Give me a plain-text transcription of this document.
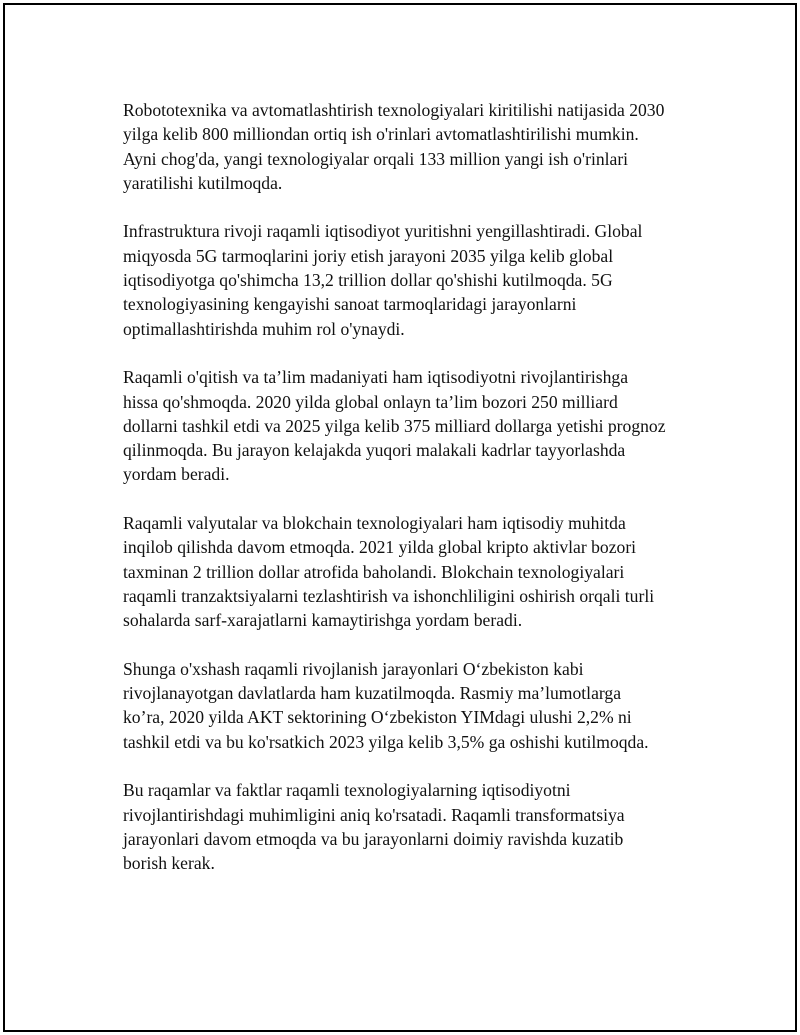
Robototexnika va avtomatlashtirish texnologiyalari kiritilishi natijasida 2030
yilga kelib 800 milliondan ortiq ish o'rinlari avtomatlashtirilishi mumkin.
Ayni chog'da, yangi texnologiyalar orqali 133 million yangi ish o'rinlari
yaratilishi kutilmoqda.

Infrastruktura rivoji raqamli iqtisodiyot yuritishni yengillashtiradi. Global
miqyosda 5G tarmoqlarini joriy etish jarayoni 2035 yilga kelib global
iqtisodiyotga qo'shimcha 13,2 trillion dollar qo'shishi kutilmoqda. 5G
texnologiyasining kengayishi sanoat tarmoqlaridagi jarayonlarni
optimallashtirishda muhim rol o'ynaydi.

Raqamli o'qitish va ta’lim madaniyati ham iqtisodiyotni rivojlantirishga
hissa qo'shmoqda. 2020 yilda global onlayn ta’lim bozori 250 milliard
dollarni tashkil etdi va 2025 yilga kelib 375 milliard dollarga yetishi prognoz
qilinmoqda. Bu jarayon kelajakda yuqori malakali kadrlar tayyorlashda
yordam beradi.

Raqamli valyutalar va blokchain texnologiyalari ham iqtisodiy muhitda
inqilob qilishda davom etmoqda. 2021 yilda global kripto aktivlar bozori
taxminan 2 trillion dollar atrofida baholandi. Blokchain texnologiyalari
raqamli tranzaktsiyalarni tezlashtirish va ishonchliligini oshirish orqali turli
sohalarda sarf-xarajatlarni kamaytirishga yordam beradi.

Shunga o'xshash raqamli rivojlanish jarayonlari O‘zbekiston kabi
rivojlanayotgan davlatlarda ham kuzatilmoqda. Rasmiy ma’lumotlarga
ko’ra, 2020 yilda AKT sektorining O‘zbekiston YIMdagi ulushi 2,2% ni
tashkil etdi va bu ko'rsatkich 2023 yilga kelib 3,5% ga oshishi kutilmoqda.

Bu raqamlar va faktlar raqamli texnologiyalarning iqtisodiyotni
rivojlantirishdagi muhimligini aniq ko'rsatadi. Raqamli transformatsiya
jarayonlari davom etmoqda va bu jarayonlarni doimiy ravishda kuzatib
borish kerak.
